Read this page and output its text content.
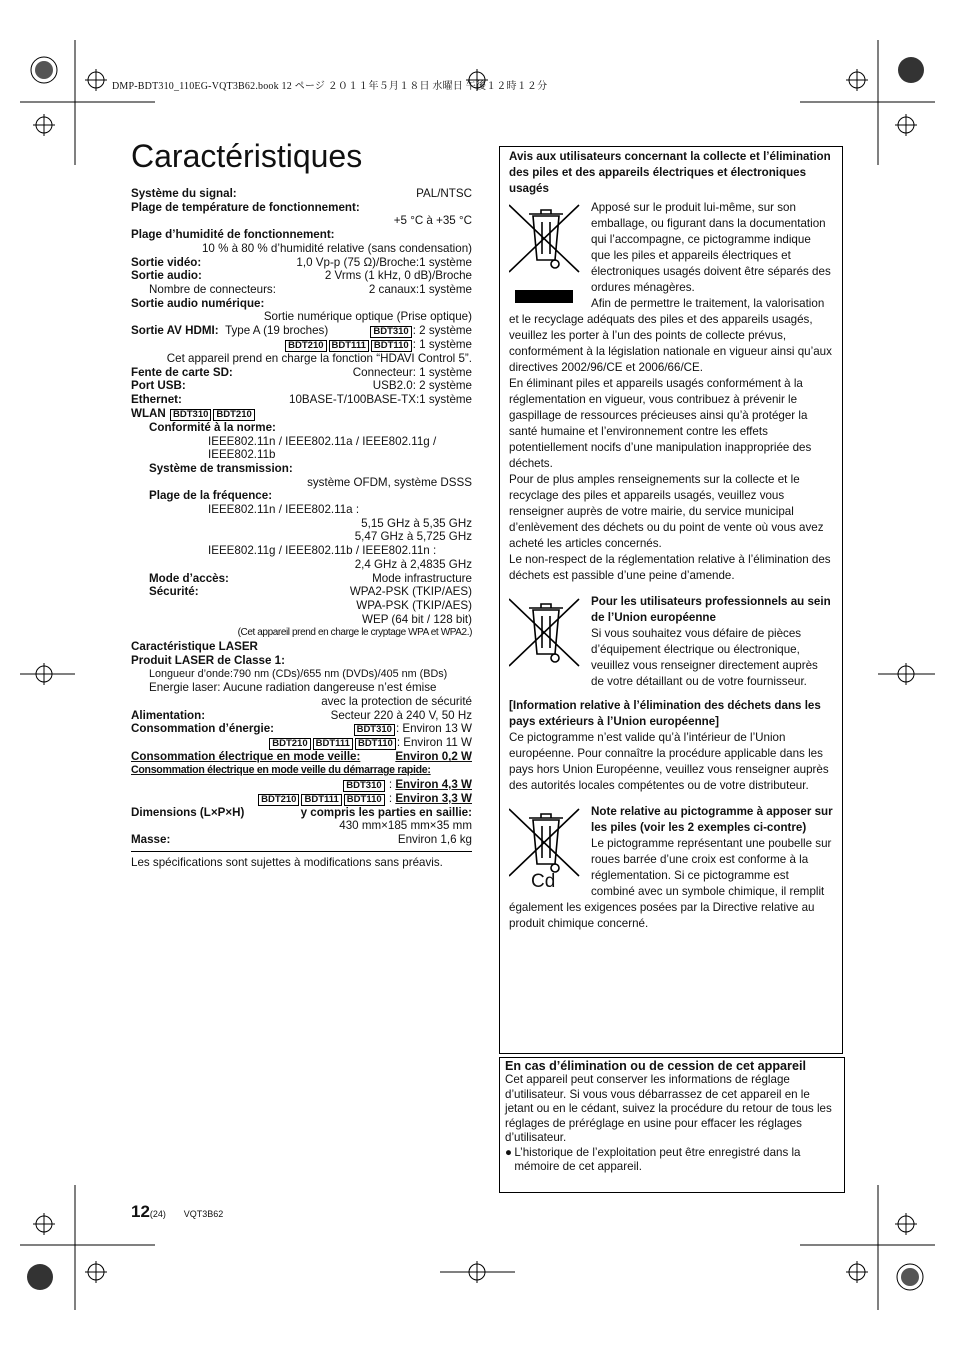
DMP-BDT310_110EG-VQT3B62.book 12 ページ ２０１１年５月１８日 水曜日 午後１２時１２分
Caractéristiques
Système du signal:	PAL/NTSC
Plage de température de fonctionnement:
+5 °C à +35 °C
Plage d’humidité de fonctionnement:
10 % à 80 % d’humidité relative (sans condensation)
Sortie vidéo:	1,0 Vp-p (75 Ω)/Broche:1 système
Sortie audio:	2 Vrms (1 kHz, 0 dB)/Broche
Nombre de connecteurs:	2 canaux:1 système
Sortie audio numérique:
Sortie numérique optique (Prise optique)
Sortie AV HDMI: Type A (19 broches)	BDT310 : 2 système
BDT210 BDT111 BDT110 : 1 système
Cet appareil prend en charge la fonction “HDAVI Control 5”.
Fente de carte SD:	Connecteur: 1 système
Port USB:	USB2.0: 2 système
Ethernet:	10BASE-T/100BASE-TX:1 système
WLAN BDT310 BDT210
Conformité à la norme:
IEEE802.11n / IEEE802.11a / IEEE802.11g / IEEE802.11b
Système de transmission:
système OFDM, système DSSS
Plage de la fréquence:
IEEE802.11n / IEEE802.11a :
5,15 GHz à 5,35 GHz
5,47 GHz à 5,725 GHz
IEEE802.11g / IEEE802.11b / IEEE802.11n :
2,4 GHz à 2,4835 GHz
Mode d’accès:	Mode infrastructure
Sécurité:	WPA2-PSK (TKIP/AES)
WPA-PSK (TKIP/AES)
WEP (64 bit / 128 bit)
(Cet appareil prend en charge le cryptage WPA et WPA2.)
Caractéristique LASER
Produit LASER de Classe 1:
Longueur d’onde:790 nm (CDs)/655 nm (DVDs)/405 nm (BDs)
Energie laser: Aucune radiation dangereuse n’est émise
avec la protection de sécurité
Alimentation:	Secteur 220 à 240 V, 50 Hz
Consommation d’énergie:	BDT310 : Environ 13 W
BDT210 BDT111 BDT110 : Environ 11 W
Consommation électrique en mode veille:	Environ 0,2 W
Consommation électrique en mode veille du démarrage rapide:
BDT310 : Environ 4,3 W
BDT210 BDT111 BDT110 : Environ 3,3 W
Dimensions (L×P×H)	y compris les parties en saillie:
430 mm×185 mm×35 mm
Masse:	Environ 1,6 kg
Les spécifications sont sujettes à modifications sans préavis.
Avis aux utilisateurs concernant la collecte et l’élimination des piles et des appareils électriques et électroniques usagés
Apposé sur le produit lui-même, sur son emballage, ou figurant dans la documentation qui l’accompagne, ce pictogramme indique que les piles et appareils électriques et électroniques usagés doivent être séparés des ordures ménagères.
Afin de permettre le traitement, la valorisation et le recyclage adéquats des piles et des appareils usagés, veuillez les porter à l’un des points de collecte prévus, conformément à la législation nationale en vigueur ainsi qu’aux directives 2002/96/CE et 2006/66/CE.
En éliminant piles et appareils usagés conformément à la réglementation en vigueur, vous contribuez à prévenir le gaspillage de ressources précieuses ainsi qu’à protéger la santé humaine et l’environnement contre les effets potentiellement nocifs d’une manipulation inappropriée des déchets.
Pour de plus amples renseignements sur la collecte et le recyclage des piles et appareils usagés, veuillez vous renseigner auprès de votre mairie, du service municipal d’enlèvement des déchets ou du point de vente où vous avez acheté les articles concernés.
Le non-respect de la réglementation relative à l’élimination des déchets est passible d’une peine d’amende.
Pour les utilisateurs professionnels au sein de l’Union européenne
Si vous souhaitez vous défaire de pièces d’équipement électrique ou électronique, veuillez vous renseigner directement auprès de votre détaillant ou de votre fournisseur.
[Information relative à l’élimination des déchets dans les pays extérieurs à l’Union européenne]
Ce pictogramme n’est valide qu’à l’intérieur de l’Union européenne. Pour connaître la procédure applicable dans les pays hors Union Européenne, veuillez vous renseigner auprès des autorités locales compétentes ou de votre distributeur.
Cd
Note relative au pictogramme à apposer sur les piles (voir les 2 exemples ci-contre)
Le pictogramme représentant une poubelle sur roues barrée d’une croix est conforme à la réglementation. Si ce pictogramme est combiné avec un symbole chimique, il remplit également les exigences posées par la Directive relative au produit chimique concerné.
En cas d’élimination ou de cession de cet appareil
Cet appareil peut conserver les informations de réglage d’utilisateur. Si vous vous débarrassez de cet appareil en le jetant ou en le cédant, suivez la procédure du retour de tous les réglages de préréglage en usine pour effacer les réglages d’utilisateur.
● L’historique de l’exploitation peut être enregistré dans la mémoire de cet appareil.
12(24) VQT3B62
